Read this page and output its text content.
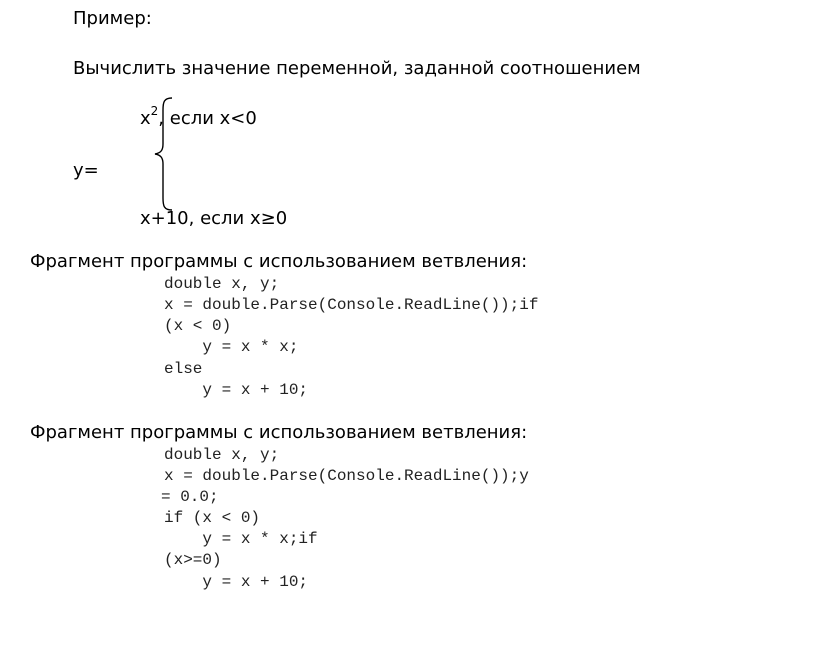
Пример:
Вычислить значение переменной, заданной соотношением
$x^2$, если x<0
y=
x+10, если x≥0
Фрагмент программы с использованием ветвления:
double x, y;
x = double.Parse(Console.ReadLine());if
(x < 0)
y = x * x;
else
y = x + 10;
Фрагмент программы с использованием ветвления:
double x, y;
x = double.Parse(Console.ReadLine());y
= 0.0;
if (x < 0)
y = x * x;if
(x>=0)
y = x + 10;
